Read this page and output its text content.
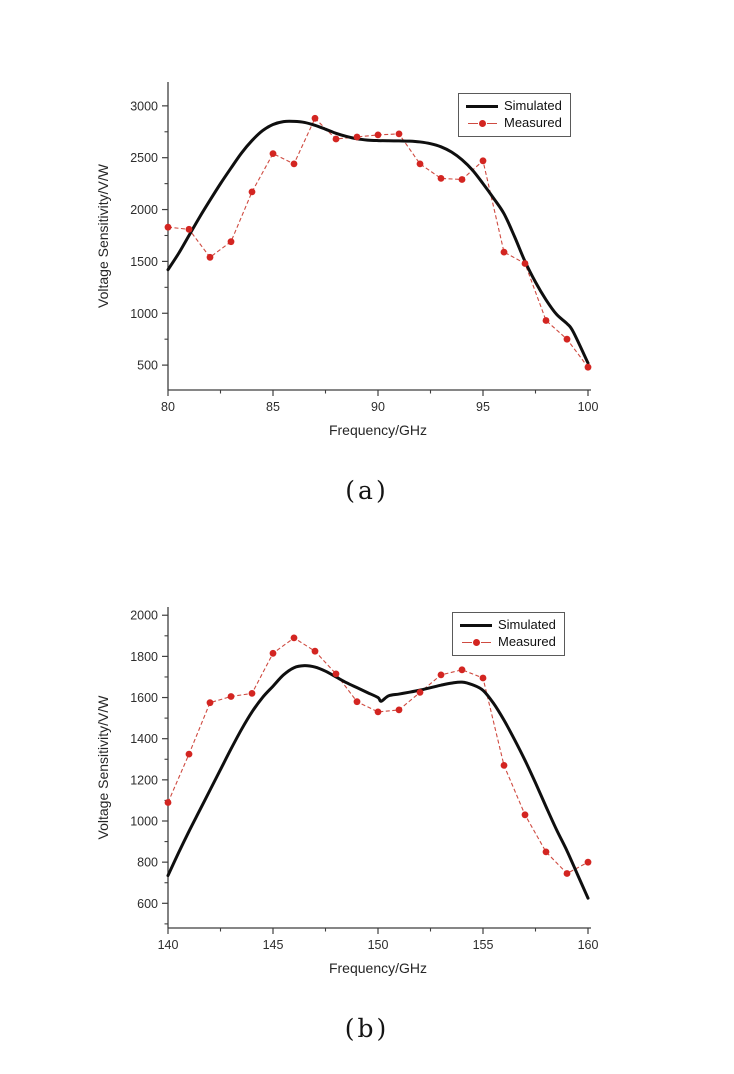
80	85	90	95	100
500
1000
1500
2000
2500
3000
Frequency/GHz
Voltage Sensitivity/V/W
Simulated
Measured
(a)
140	145	150	155	160
600
800
1000
1200
1400
1600
1800
2000
Frequency/GHz
Voltage Sensitivity/V/W
Simulated
Measured
(b)
